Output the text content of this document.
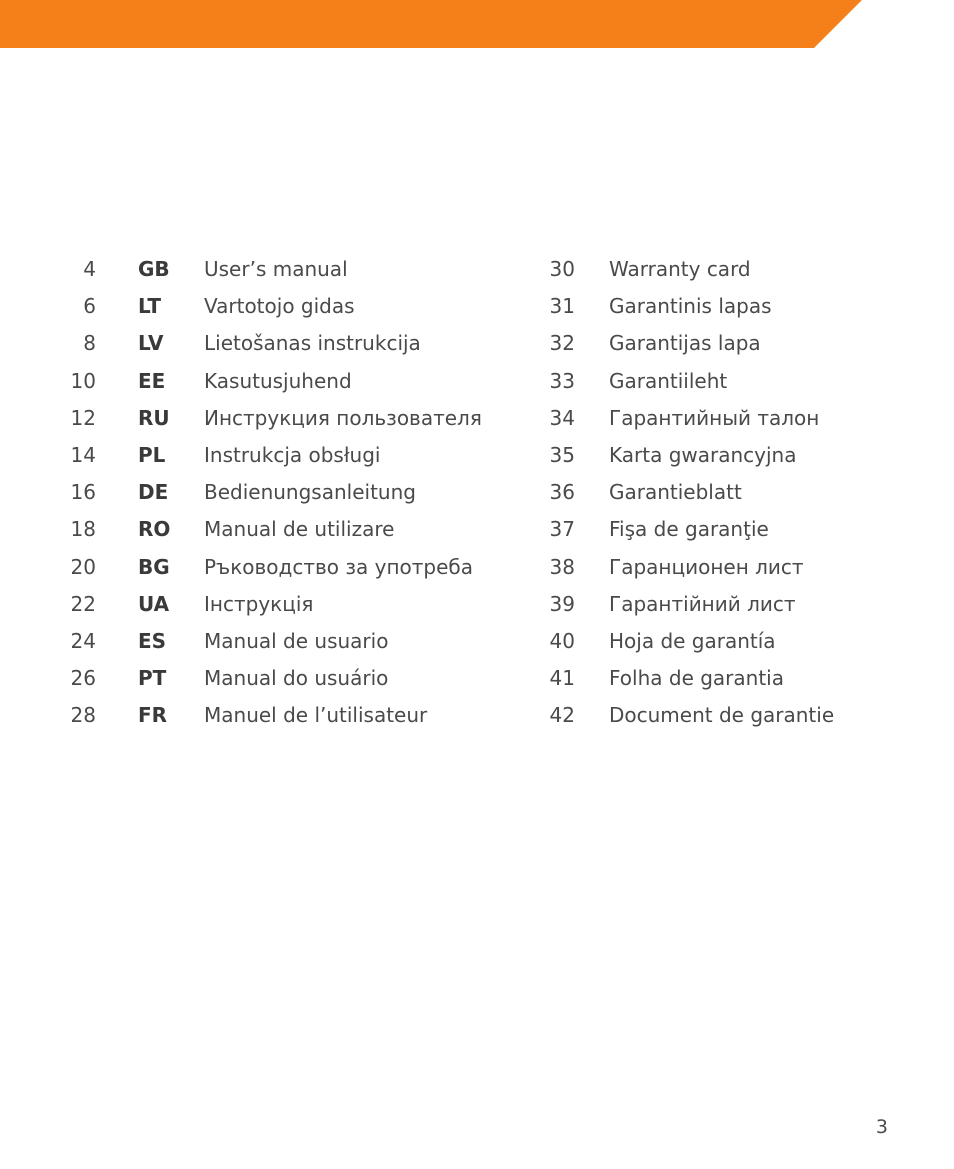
4 GB User’s manual
6 LT Vartotojo gidas
8 LV Lietošanas instrukcija
10 EE Kasutusjuhend
12 RU Инструкция пользователя
14 PL Instrukcja obsługi
16 DE Bedienungsanleitung
18 RO Manual de utilizare
20 BG Ръководство за употреба
22 UA Інструкція
24 ES Manual de usuario
26 PT Manual do usuário
28 FR Manuel de l’utilisateur
30 Warranty card
31 Garantinis lapas
32 Garantijas lapa
33 Garantiileht
34 Гарантийный талон
35 Karta gwarancyjna
36 Garantieblatt
37 Fişa de garanţie
38 Гаранционен лист
39 Гарантійний лист
40 Hoja de garantía
41 Folha de garantia
42 Document de garantie
3
